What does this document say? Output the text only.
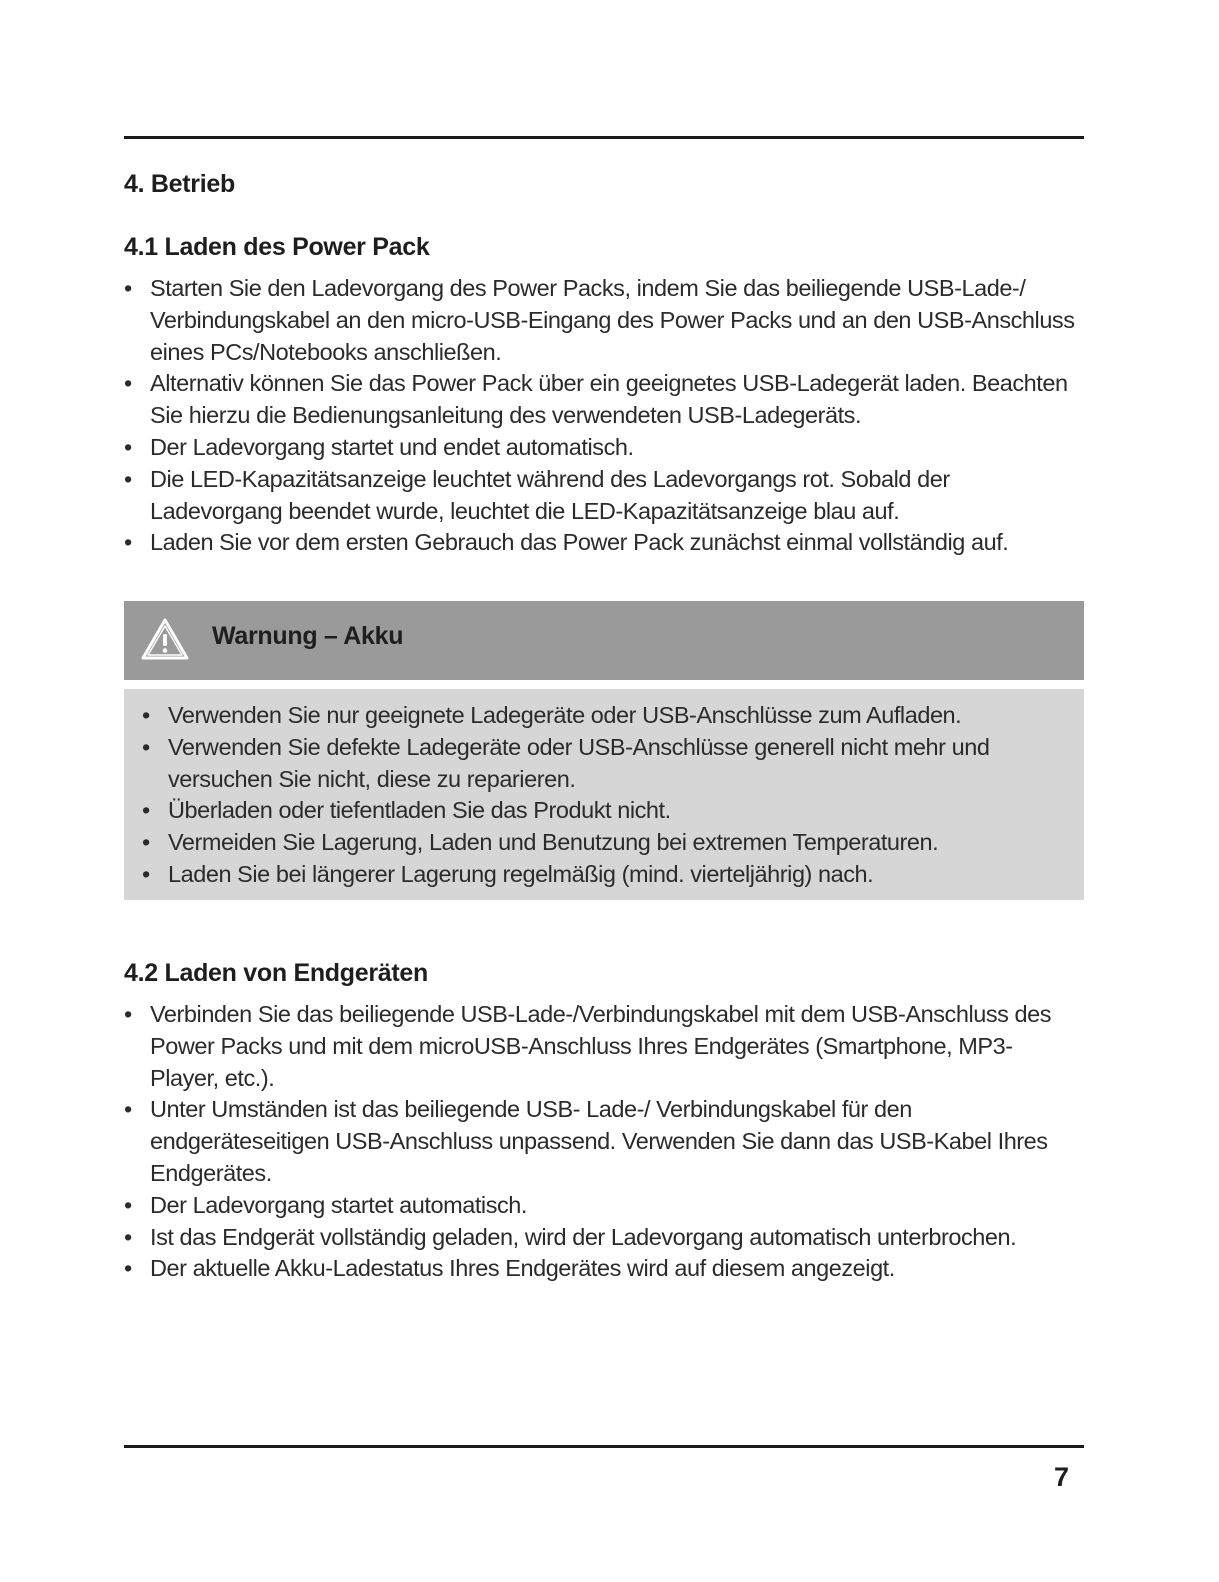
4. Betrieb
4.1 Laden des Power Pack
• Starten Sie den Ladevorgang des Power Packs, indem Sie das beiliegende USB-Lade-/ Verbindungskabel an den micro-USB-Eingang des Power Packs und an den USB-Anschluss eines PCs/Notebooks anschließen.
• Alternativ können Sie das Power Pack über ein geeignetes USB-Ladegerät laden. Beachten Sie hierzu die Bedienungsanleitung des verwendeten USB-Ladegeräts.
• Der Ladevorgang startet und endet automatisch.
• Die LED-Kapazitätsanzeige leuchtet während des Ladevorgangs rot. Sobald der Ladevorgang beendet wurde, leuchtet die LED-Kapazitätsanzeige blau auf.
• Laden Sie vor dem ersten Gebrauch das Power Pack zunächst einmal vollständig auf.
Warnung – Akku
• Verwenden Sie nur geeignete Ladegeräte oder USB-Anschlüsse zum Aufladen.
• Verwenden Sie defekte Ladegeräte oder USB-Anschlüsse generell nicht mehr und versuchen Sie nicht, diese zu reparieren.
• Überladen oder tiefentladen Sie das Produkt nicht.
• Vermeiden Sie Lagerung, Laden und Benutzung bei extremen Temperaturen.
• Laden Sie bei längerer Lagerung regelmäßig (mind. vierteljährig) nach.
4.2 Laden von Endgeräten
• Verbinden Sie das beiliegende USB-Lade-/Verbindungskabel mit dem USB-Anschluss des Power Packs und mit dem microUSB-Anschluss Ihres Endgerätes (Smartphone, MP3-Player, etc.).
• Unter Umständen ist das beiliegende USB- Lade-/ Verbindungskabel für den endgeräteseitigen USB-Anschluss unpassend. Verwenden Sie dann das USB-Kabel Ihres Endgerätes.
• Der Ladevorgang startet automatisch.
• Ist das Endgerät vollständig geladen, wird der Ladevorgang automatisch unterbrochen.
• Der aktuelle Akku-Ladestatus Ihres Endgerätes wird auf diesem angezeigt.
7
